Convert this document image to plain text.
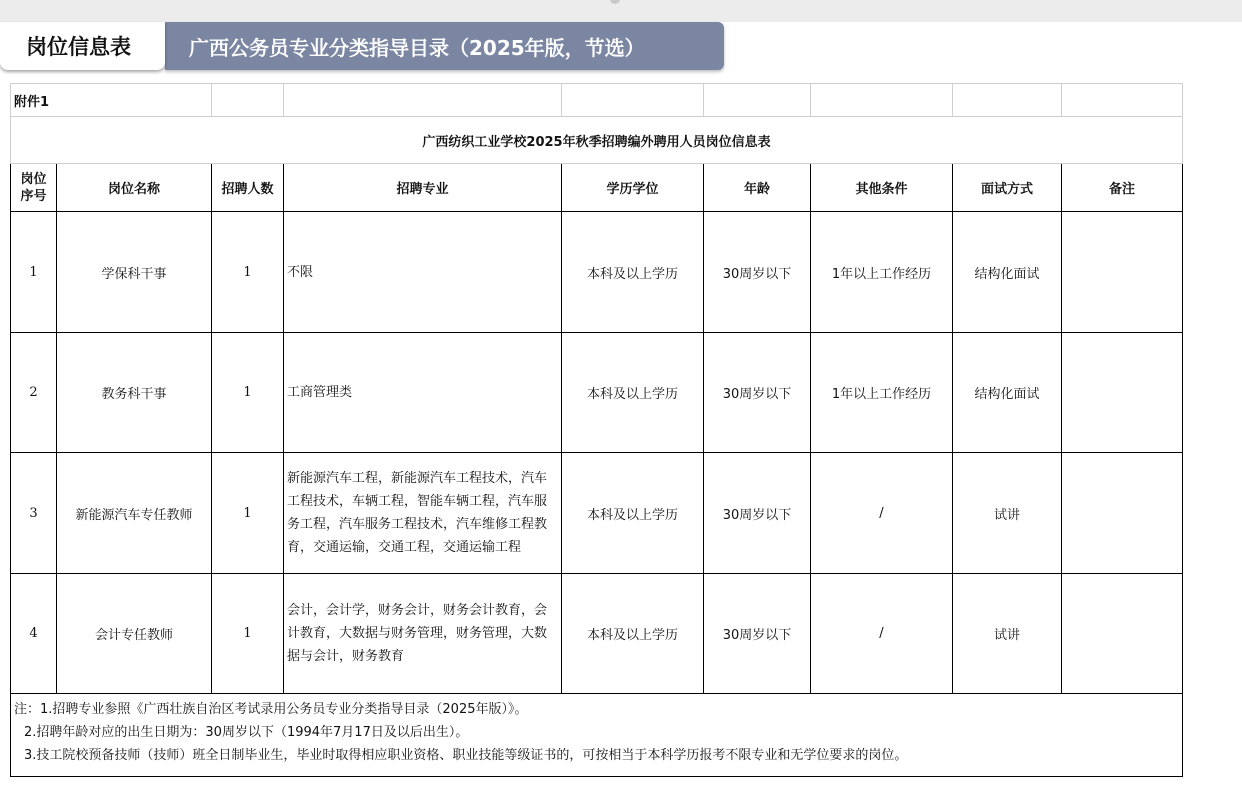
岗位信息表	广西公务员专业分类指导目录（2025年版，节选）
附件1								
广西纺织工业学校2025年秋季招聘编外聘用人员岗位信息表								
岗位
序号	岗位名称	招聘人数	招聘专业	学历学位	年龄	其他条件	面试方式	备注
1	学保科干事	1	不限	本科及以上学历	30周岁以下	1年以上工作经历	结构化面试	
2	教务科干事	1	工商管理类	本科及以上学历	30周岁以下	1年以上工作经历	结构化面试	
3	新能源汽车专任教师	1	新能源汽车工程，新能源汽车工程技术，汽车工程技术，车辆工程，智能车辆工程，汽车服务工程，汽车服务工程技术，汽车维修工程教育，交通运输，交通工程，交通运输工程	本科及以上学历	30周岁以下	/	试讲	
4	会计专任教师	1	会计，会计学，财务会计，财务会计教育，会计教育，大数据与财务管理，财务管理，大数据与会计，财务教育	本科及以上学历	30周岁以下	/	试讲	

注：1.招聘专业参照《广西壮族自治区考试录用公务员专业分类指导目录（2025年版）》。
2.招聘年龄对应的出生日期为：30周岁以下（1994年7月17日及以后出生）。
3.技工院校预备技师（技师）班全日制毕业生，毕业时取得相应职业资格、职业技能等级证书的，可按相当于本科学历报考不限专业和无学位要求的岗位。								
